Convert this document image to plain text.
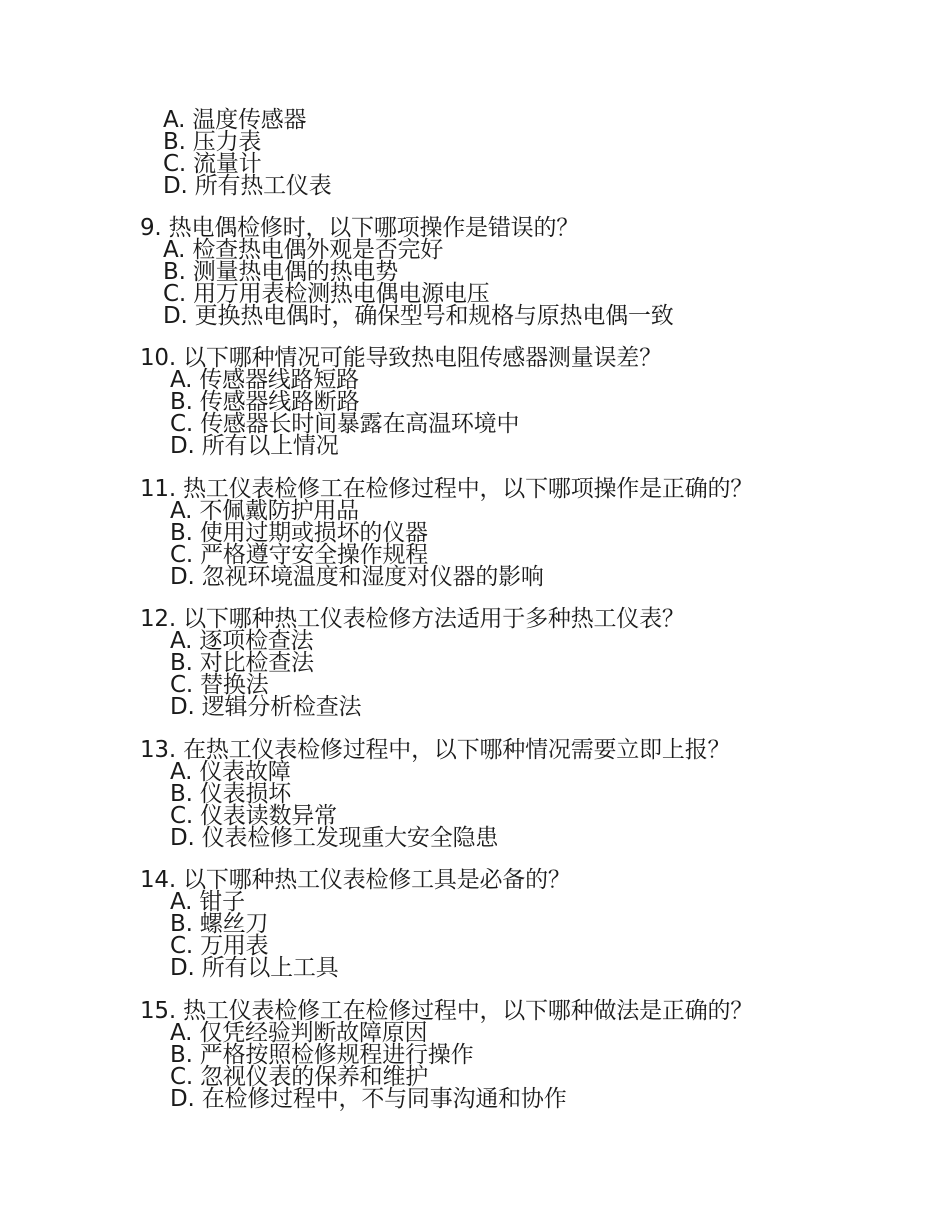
A. 温度传感器
B. 压力表
C. 流量计
D. 所有热工仪表
9. 热电偶检修时，以下哪项操作是错误的？
A. 检查热电偶外观是否完好
B. 测量热电偶的热电势
C. 用万用表检测热电偶电源电压
D. 更换热电偶时，确保型号和规格与原热电偶一致
10. 以下哪种情况可能导致热电阻传感器测量误差？
A. 传感器线路短路
B. 传感器线路断路
C. 传感器长时间暴露在高温环境中
D. 所有以上情况
11. 热工仪表检修工在检修过程中，以下哪项操作是正确的？
A. 不佩戴防护用品
B. 使用过期或损坏的仪器
C. 严格遵守安全操作规程
D. 忽视环境温度和湿度对仪器的影响
12. 以下哪种热工仪表检修方法适用于多种热工仪表？
A. 逐项检查法
B. 对比检查法
C. 替换法
D. 逻辑分析检查法
13. 在热工仪表检修过程中，以下哪种情况需要立即上报？
A. 仪表故障
B. 仪表损坏
C. 仪表读数异常
D. 仪表检修工发现重大安全隐患
14. 以下哪种热工仪表检修工具是必备的？
A. 钳子
B. 螺丝刀
C. 万用表
D. 所有以上工具
15. 热工仪表检修工在检修过程中，以下哪种做法是正确的？
A. 仅凭经验判断故障原因
B. 严格按照检修规程进行操作
C. 忽视仪表的保养和维护
D. 在检修过程中，不与同事沟通和协作
